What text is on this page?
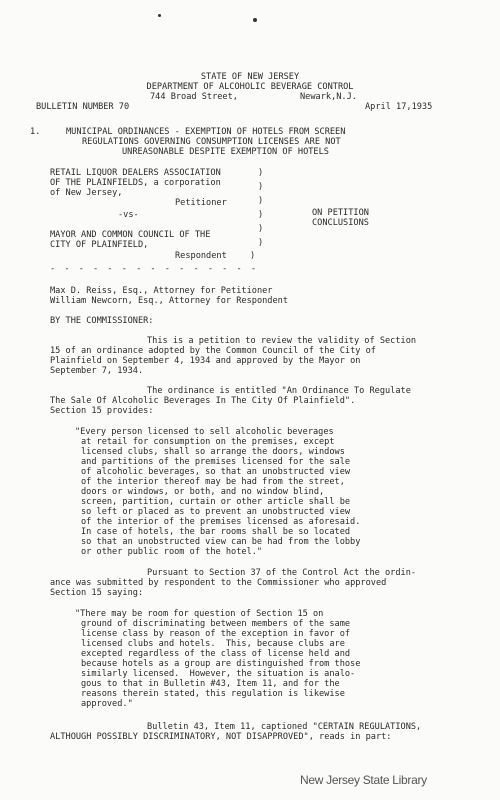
STATE OF NEW JERSEY
DEPARTMENT OF ALCOHOLIC BEVERAGE CONTROL
744 Broad Street,	Newark,N.J.
BULLETIN NUMBER 70	April 17,1935
1.	MUNICIPAL ORDINANCES - EXEMPTION OF HOTELS FROM SCREEN
REGULATIONS GOVERNING CONSUMPTION LICENSES ARE NOT
UNREASONABLE DESPITE EXEMPTION OF HOTELS
RETAIL LIQUOR DEALERS ASSOCIATION
OF THE PLAINFIELDS, a corporation
of New Jersey,
Petitioner
-vs-
MAYOR AND COMMON COUNCIL OF THE
CITY OF PLAINFIELD,
Respondent
)
)
)
)
)
)
)
ON PETITION
CONCLUSIONS
- - - - - - - - - - - - - - -
Max D. Reiss, Esq., Attorney for Petitioner
William Newcorn, Esq., Attorney for Respondent
BY THE COMMISSIONER:
This is a petition to review the validity of Section
15 of an ordinance adopted by the Common Council of the City of
Plainfield on September 4, 1934 and approved by the Mayor on
September 7, 1934.
The ordinance is entitled "An Ordinance To Regulate
The Sale Of Alcoholic Beverages In The City Of Plainfield".
Section 15 provides:
"Every person licensed to sell alcoholic beverages
at retail for consumption on the premises, except
licensed clubs, shall so arrange the doors, windows
and partitions of the premises licensed for the sale
of alcoholic beverages, so that an unobstructed view
of the interior thereof may be had from the street,
doors or windows, or both, and no window blind,
screen, partition, curtain or other article shall be
so left or placed as to prevent an unobstructed view
of the interior of the premises licensed as aforesaid.
In case of hotels, the bar rooms shall be so located
so that an unobstructed view can be had from the lobby
or other public room of the hotel."
Pursuant to Section 37 of the Control Act the ordin-
ance was submitted by respondent to the Commissioner who approved
Section 15 saying:
"There may be room for question of Section 15 on
ground of discriminating between members of the same
license class by reason of the exception in favor of
licensed clubs and hotels.  This, because clubs are
excepted regardless of the class of license held and
because hotels as a group are distinguished from those
similarly licensed.  However, the situation is analo-
gous to that in Bulletin #43, Item 11, and for the
reasons therein stated, this regulation is likewise
approved."
Bulletin 43, Item 11, captioned "CERTAIN REGULATIONS,
ALTHOUGH POSSIBLY DISCRIMINATORY, NOT DISAPPROVED", reads in part:
New Jersey State Library
